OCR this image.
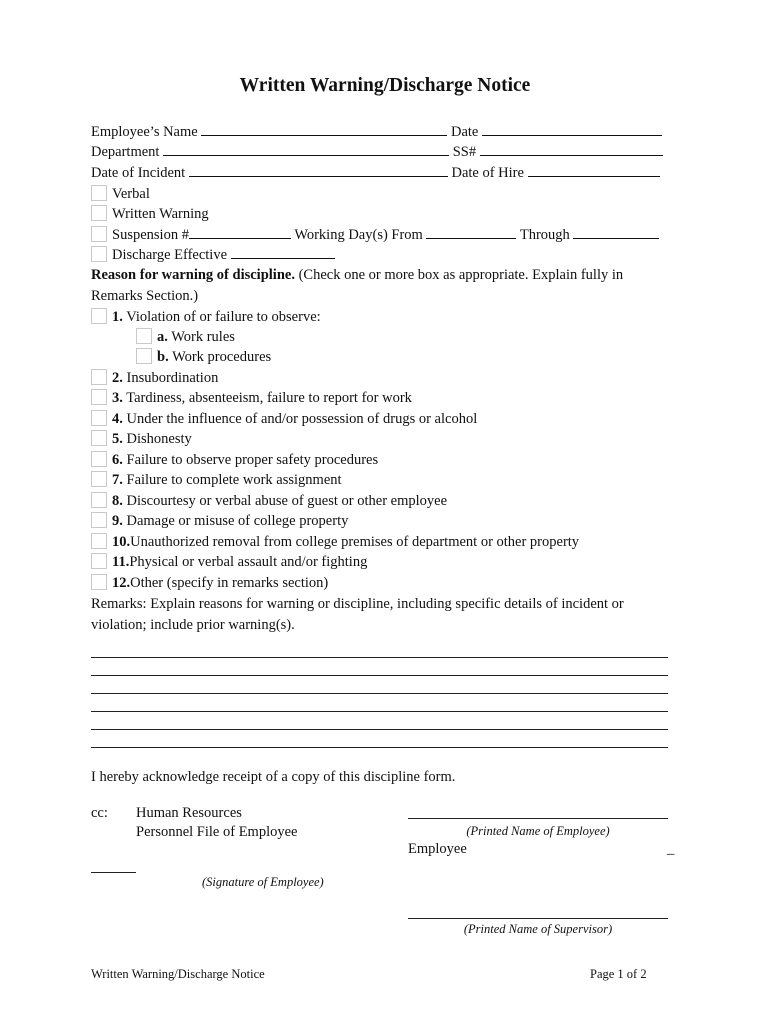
Written Warning/Discharge Notice
Employee’s Name	Date
Department	SS#
Date of Incident	Date of Hire
Verbal
Written Warning
Suspension #	Working Day(s) From	Through
Discharge Effective
Reason for warning of discipline. (Check one or more box as appropriate. Explain fully in
Remarks Section.)
1. Violation of or failure to observe:
a. Work rules
b. Work procedures
2. Insubordination
3. Tardiness, absenteeism, failure to report for work
4. Under the influence of and/or possession of drugs or alcohol
5. Dishonesty
6. Failure to observe proper safety procedures
7. Failure to complete work assignment
8. Discourtesy or verbal abuse of guest or other employee
9. Damage or misuse of college property
10.Unauthorized removal from college premises of department or other property
11.Physical or verbal assault and/or fighting
12.Other (specify in remarks section)
Remarks: Explain reasons for warning or discipline, including specific details of incident or
violation; include prior warning(s).
I hereby acknowledge receipt of a copy of this discipline form.
cc: Human Resources
Personnel File of Employee	(Printed Name of Employee)
Employee	_
(Signature of Employee)
(Printed Name of Supervisor)
Written Warning/Discharge Notice	Page 1 of 2
